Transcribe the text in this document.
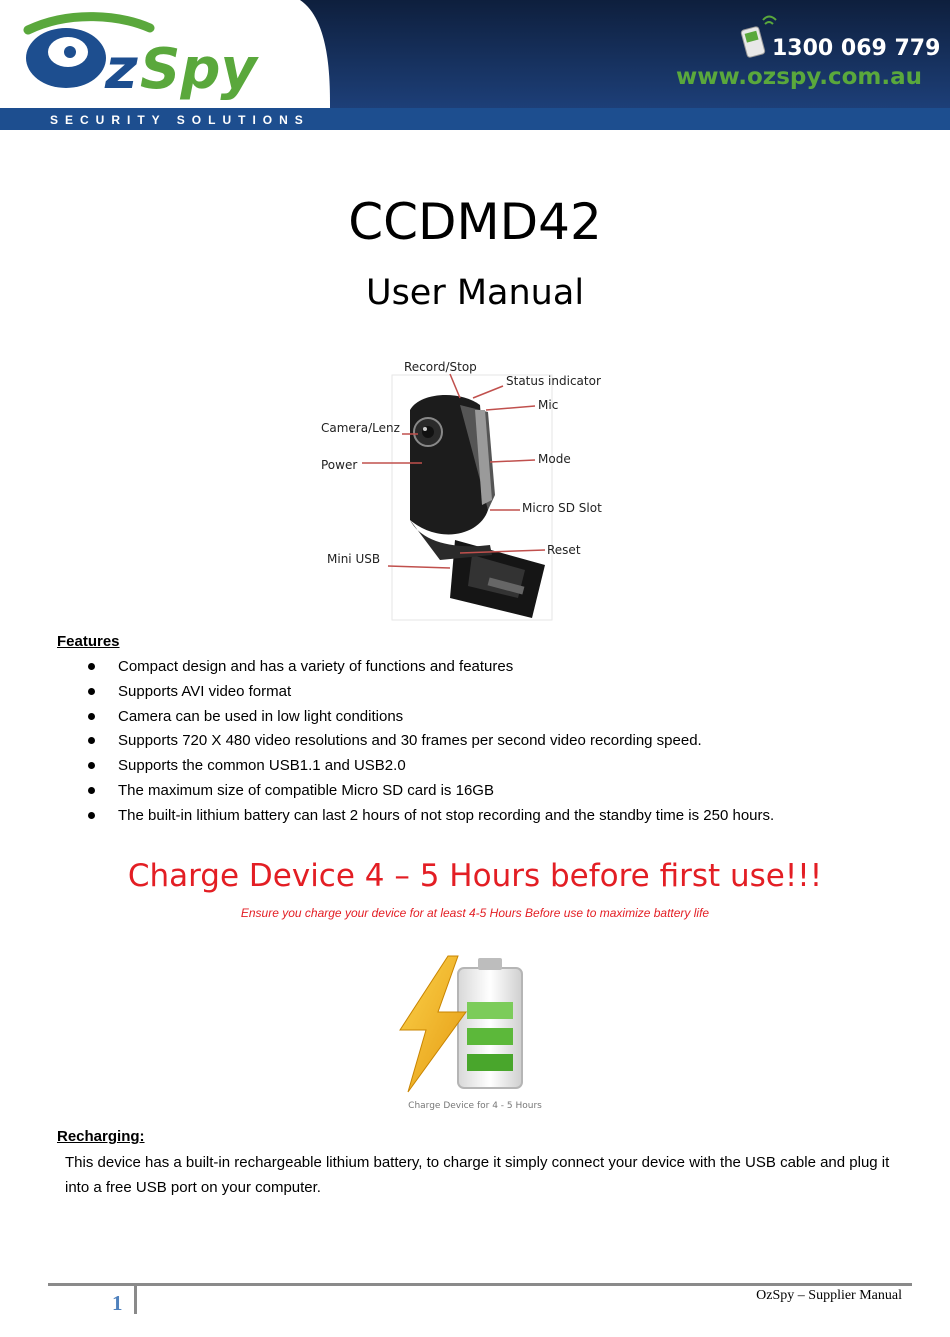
z Spy
SECURITY SOLUTIONS
1300 069 779
www.ozspy.com.au
CCDMD42
User Manual
Record/Stop
Status indicator
Mic
Camera/Lenz
Power	Mode
Micro SD Slot
Reset
Mini USB
Features
Compact design and has a variety of functions and features
Supports AVI video format
Camera can be used in low light conditions
Supports 720 X 480 video resolutions and 30 frames per second video recording speed.
Supports the common USB1.1 and USB2.0
The maximum size of compatible Micro SD card is 16GB
The built-in lithium battery can last 2 hours of not stop recording and the standby time is 250 hours.
Charge Device 4 – 5 Hours before first use!!!
Ensure you charge your device for at least 4-5 Hours Before use to maximize battery life
Charge Device for 4 - 5 Hours
Recharging:

This device has a built-in rechargeable lithium battery, to charge it simply connect your device with the USB cable and plug it into a free USB port on your computer.

1	OzSpy – Supplier Manual
